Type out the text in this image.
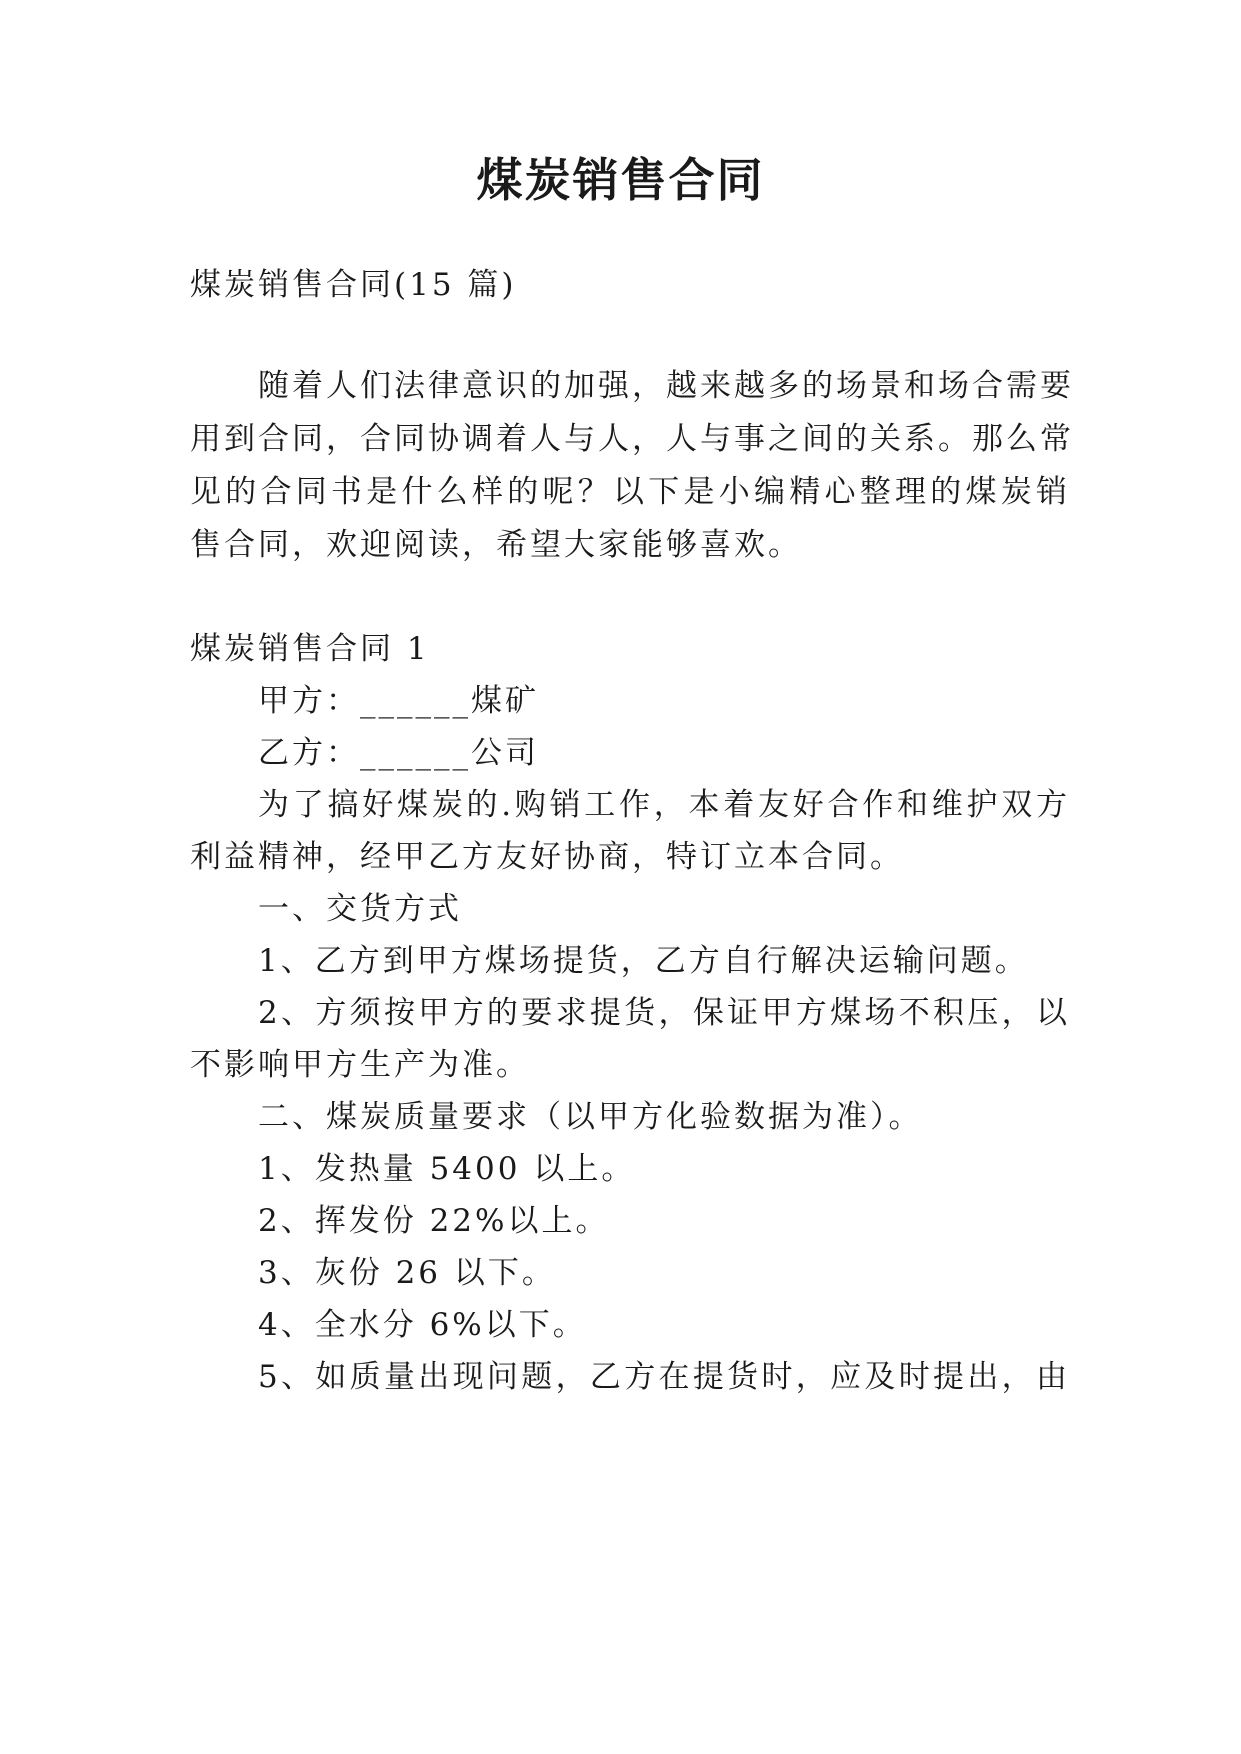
煤炭销售合同
煤炭销售合同(15 篇)
随着人们法律意识的加强，越来越多的场景和场合需要
用到合同，合同协调着人与人，人与事之间的关系。那么常
见的合同书是什么样的呢？以下是小编精心整理的煤炭销
售合同，欢迎阅读，希望大家能够喜欢。
煤炭销售合同 1
甲方：______煤矿
乙方：______公司
为了搞好煤炭的.购销工作，本着友好合作和维护双方
利益精神，经甲乙方友好协商，特订立本合同。
一、交货方式
1、乙方到甲方煤场提货，乙方自行解决运输问题。
2、方须按甲方的要求提货，保证甲方煤场不积压，以
不影响甲方生产为准。
二、煤炭质量要求（以甲方化验数据为准）。
1、发热量 5400 以上。
2、挥发份 22%以上。
3、灰份 26 以下。
4、全水分 6%以下。
5、如质量出现问题，乙方在提货时，应及时提出，由
